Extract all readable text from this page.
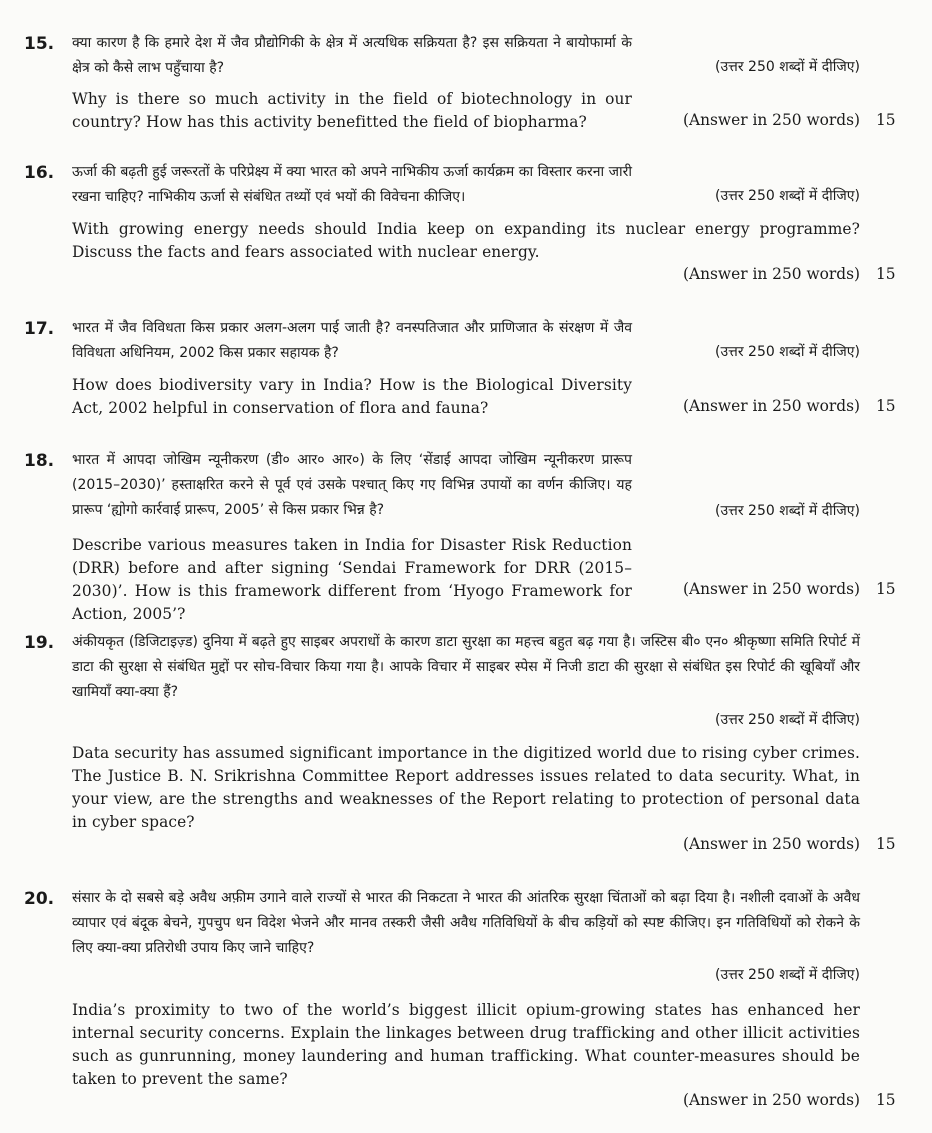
15. क्या कारण है कि हमारे देश में जैव प्रौद्योगिकी के क्षेत्र में अत्यधिक सक्रियता है? इस सक्रियता ने बायोफार्मा के क्षेत्र को कैसे लाभ पहुँचाया है?	(उत्तर 250 शब्दों में दीजिए)

Why is there so much activity in the field of biotechnology in our country? How has this activity benefitted the field of biopharma?	(Answer in 250 words) 15
16. ऊर्जा की बढ़ती हुई जरूरतों के परिप्रेक्ष्य में क्या भारत को अपने नाभिकीय ऊर्जा कार्यक्रम का विस्तार करना जारी रखना चाहिए? नाभिकीय ऊर्जा से संबंधित तथ्यों एवं भयों की विवेचना कीजिए।	(उत्तर 250 शब्दों में दीजिए)

With growing energy needs should India keep on expanding its nuclear energy programme? Discuss the facts and fears associated with nuclear energy.

(Answer in 250 words) 15
17. भारत में जैव विविधता किस प्रकार अलग-अलग पाई जाती है? वनस्पतिजात और प्राणिजात के संरक्षण में जैव विविधता अधिनियम, 2002 किस प्रकार सहायक है?	(उत्तर 250 शब्दों में दीजिए)

How does biodiversity vary in India? How is the Biological Diversity Act, 2002 helpful in conservation of flora and fauna?	(Answer in 250 words) 15
18. भारत में आपदा जोखिम न्यूनीकरण (डी० आर० आर०) के लिए ‘सेंडाई आपदा जोखिम न्यूनीकरण प्रारूप (2015–2030)’ हस्ताक्षरित करने से पूर्व एवं उसके पश्चात् किए गए विभिन्न उपायों का वर्णन कीजिए। यह प्रारूप ‘ह्योगो कार्रवाई प्रारूप, 2005’ से किस प्रकार भिन्न है?	(उत्तर 250 शब्दों में दीजिए)

Describe various measures taken in India for Disaster Risk Reduction (DRR) before and after signing ‘Sendai Framework for DRR (2015–2030)’. How is this framework different from ‘Hyogo Framework for Action, 2005’?

(Answer in 250 words) 15
19. अंकीयकृत (डिजिटाइज़्ड) दुनिया में बढ़ते हुए साइबर अपराधों के कारण डाटा सुरक्षा का महत्त्व बहुत बढ़ गया है। जस्टिस बी० एन० श्रीकृष्णा समिति रिपोर्ट में डाटा की सुरक्षा से संबंधित मुद्दों पर सोच-विचार किया गया है। आपके विचार में साइबर स्पेस में निजी डाटा की सुरक्षा से संबंधित इस रिपोर्ट की खूबियाँ और खामियाँ क्या-क्या हैं?

(उत्तर 250 शब्दों में दीजिए)

Data security has assumed significant importance in the digitized world due to rising cyber crimes. The Justice B. N. Srikrishna Committee Report addresses issues related to data security. What, in your view, are the strengths and weaknesses of the Report relating to protection of personal data in cyber space?

(Answer in 250 words) 15
20. संसार के दो सबसे बड़े अवैध अफ़ीम उगाने वाले राज्यों से भारत की निकटता ने भारत की आंतरिक सुरक्षा चिंताओं को बढ़ा दिया है। नशीली दवाओं के अवैध व्यापार एवं बंदूक बेचने, गुपचुप धन विदेश भेजने और मानव तस्करी जैसी अवैध गतिविधियों के बीच कड़ियों को स्पष्ट कीजिए। इन गतिविधियों को रोकने के लिए क्या-क्या प्रतिरोधी उपाय किए जाने चाहिए?

(उत्तर 250 शब्दों में दीजिए)

India’s proximity to two of the world’s biggest illicit opium-growing states has enhanced her internal security concerns. Explain the linkages between drug trafficking and other illicit activities such as gunrunning, money laundering and human trafficking. What counter-measures should be taken to prevent the same?

(Answer in 250 words) 15
